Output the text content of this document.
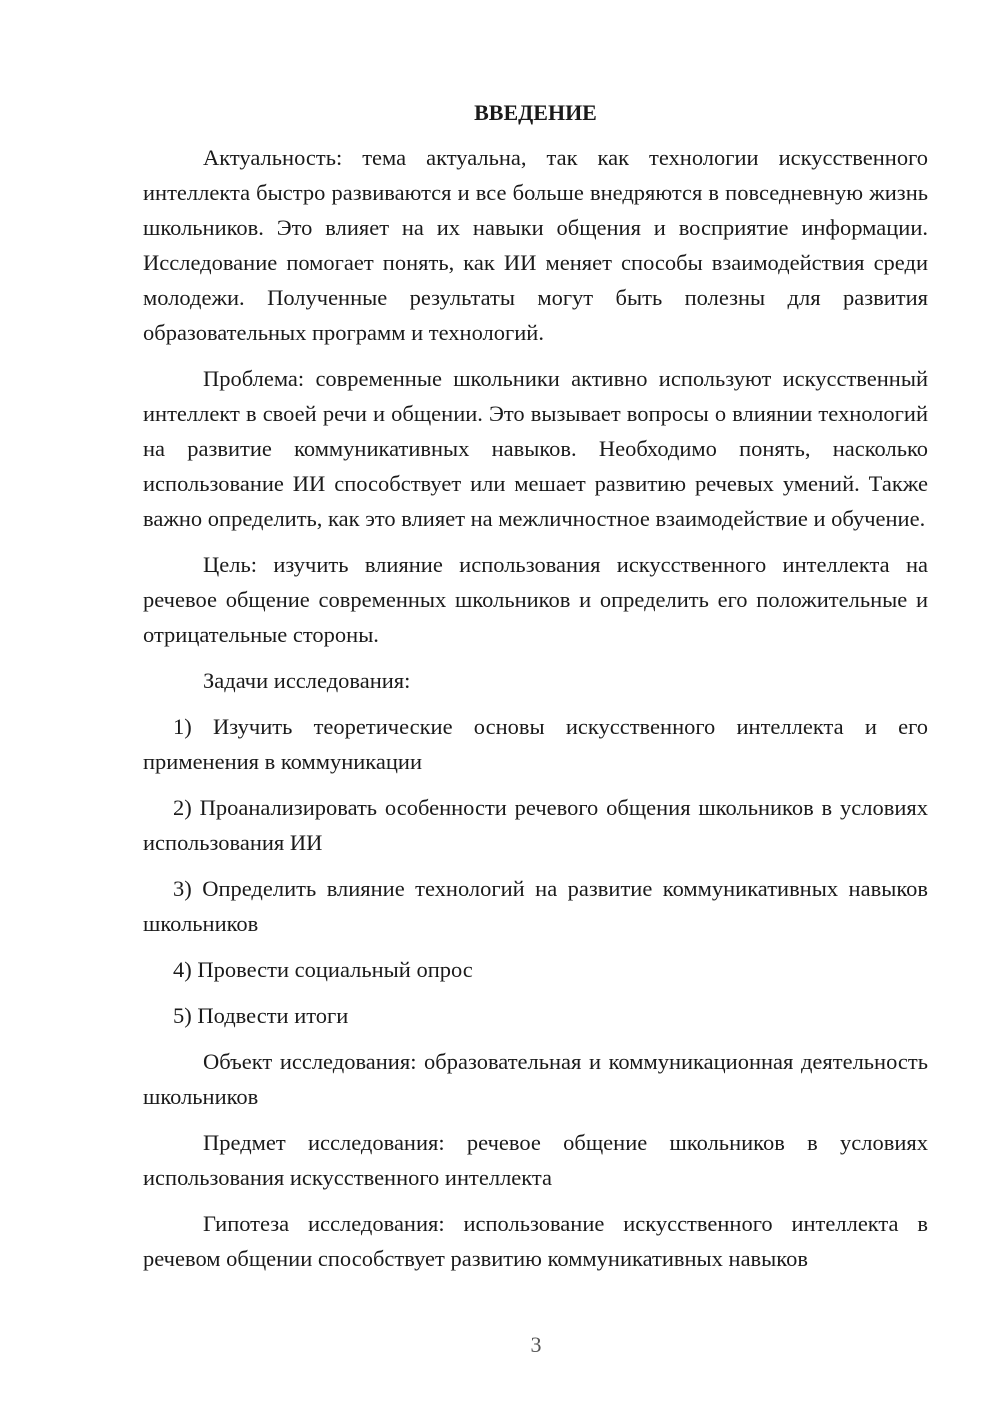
ВВЕДЕНИЕ

Актуальность: тема актуальна, так как технологии искусственного интеллекта быстро развиваются и все больше внедряются в повседневную жизнь школьников. Это влияет на их навыки общения и восприятие информации. Исследование помогает понять, как ИИ меняет способы взаимодействия среди молодежи. Полученные результаты могут быть полезны для развития образовательных программ и технологий.

Проблема: современные школьники активно используют искусственный интеллект в своей речи и общении. Это вызывает вопросы о влиянии технологий на развитие коммуникативных навыков. Необходимо понять, насколько использование ИИ способствует или мешает развитию речевых умений. Также важно определить, как это влияет на межличностное взаимодействие и обучение.

Цель: изучить влияние использования искусственного интеллекта на речевое общение современных школьников и определить его положительные и отрицательные стороны.

Задачи исследования:

1) Изучить теоретические основы искусственного интеллекта и его применения в коммуникации

2) Проанализировать особенности речевого общения школьников в условиях использования ИИ

3) Определить влияние технологий на развитие коммуникативных навыков школьников

4) Провести социальный опрос

5) Подвести итоги

Объект исследования: образовательная и коммуникационная деятельность школьников

Предмет исследования: речевое общение школьников в условиях использования искусственного интеллекта

Гипотеза исследования: использование искусственного интеллекта в речевом общении способствует развитию коммуникативных навыков

3
